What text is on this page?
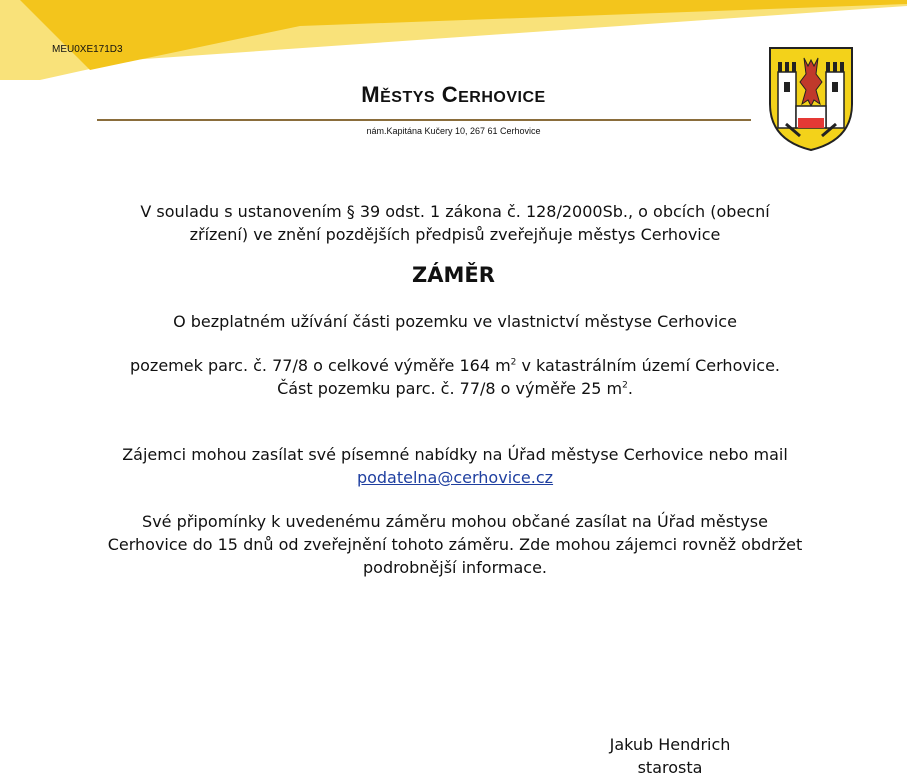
MEU0XE171D3
MĚSTYS CERHOVICE
nám.Kapitána Kučery 10, 267 61 Cerhovice
V souladu s ustanovením § 39 odst. 1 zákona č. 128/2000Sb., o obcích (obecní
zřízení) ve znění pozdějších předpisů zveřejňuje městys Cerhovice
ZÁMĚR
O bezplatném užívání části pozemku ve vlastnictví městyse Cerhovice
pozemek parc. č. 77/8 o celkové výměře 164 $m^2$ v katastrálním území Cerhovice.
Část pozemku parc. č. 77/8 o výměře 25 $m^2$.
Zájemci mohou zasílat své písemné nabídky na Úřad městyse Cerhovice nebo mail
podatelna@cerhovice.cz
Své připomínky k uvedenému záměru mohou občané zasílat na Úřad městyse
Cerhovice do 15 dnů od zveřejnění tohoto záměru. Zde mohou zájemci rovněž obdržet
podrobnější informace.
Jakub Hendrich
starosta
